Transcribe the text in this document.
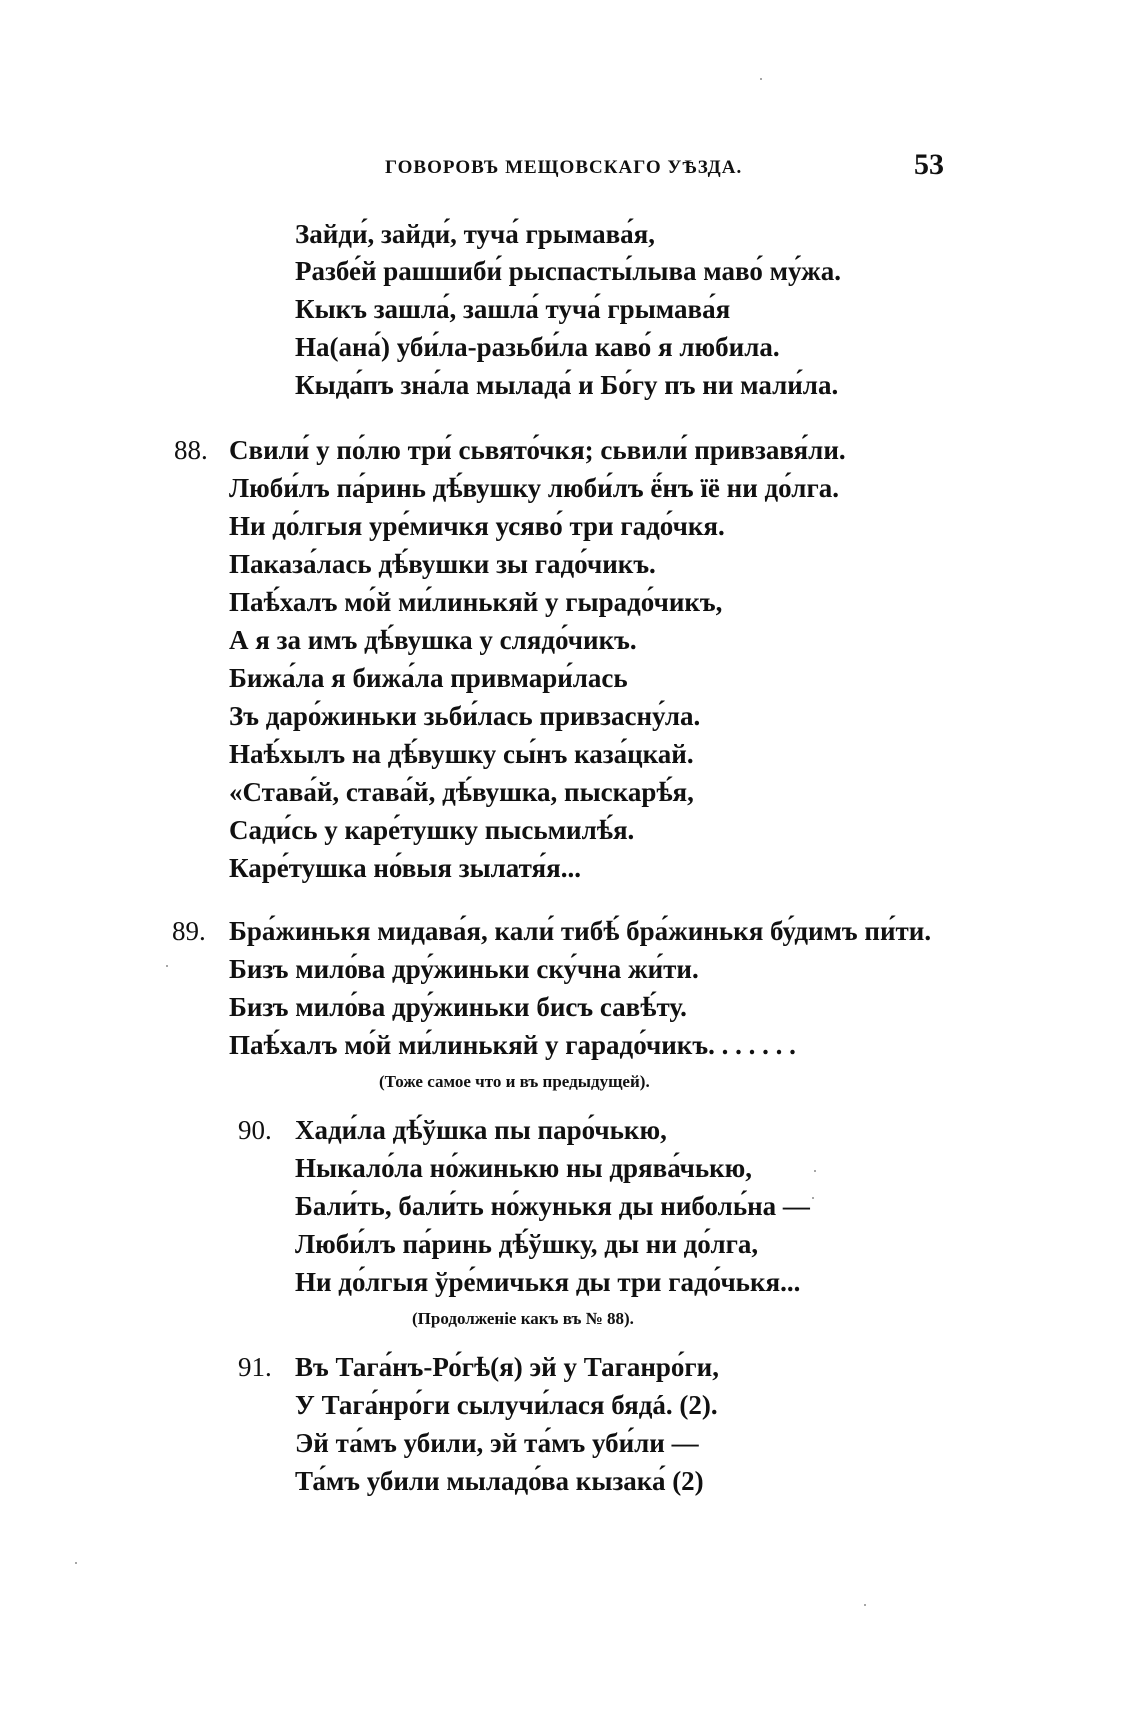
ГОВОРОВЪ МЕЩОВСКАГО УѢЗДА.	53
Зайди́, зайди́, туча́ грымава́я,
Разбе́й рашшиби́ рыспасты́лыва маво́ му́жа.
Кыкъ зашла́, зашла́ туча́ грымава́я
На(ана́) уби́ла-разьби́ла каво́ я любила.
Кыда́пъ зна́ла мылада́ и Бо́гу пъ ни мали́ла.
88. Свили́ у по́лю три́ сьвято́чкя; сьвили́ привзавя́ли.
Люби́лъ па́ринь дѣ́вушку люби́лъ ё́нъ ïё ни до́лга.
Ни до́лгыя уре́мичкя усяво́ три гадо́чкя.
Паказа́лась дѣ́вушки зы гадо́чикъ.
Паѣ́халъ мо́й ми́линькяй у гырадо́чикъ,
А я за имъ дѣ́вушка у слядо́чикъ.
Бижа́ла я бижа́ла привмари́лась
Зъ даро́жиньки зьби́лась привзасну́ла.
Наѣ́хылъ на дѣ́вушку сы́нъ каза́цкай.
«Става́й, става́й, дѣ́вушка, пыскарѣ́я,
Сади́сь у каре́тушку пысьмилѣ́я.
Каре́тушка но́выя зылатя́я...
89. Бра́жинькя мидава́я, кали́ тибѣ́ бра́жинькя бу́димъ пи́ти.
Бизъ мило́ва дру́жиньки ску́чна жи́ти.
Бизъ мило́ва дру́жиньки бисъ савѣ́ту.
Паѣ́халъ мо́й ми́линькяй у гарадо́чикъ. . . . . . .
(Тоже самое что и въ предыдущей).
90. Хади́ла дѣ́ўшка пы паро́чькю,
Ныкало́ла но́жинькю ны дрява́чькю,
Бали́ть, бали́ть но́жунькя ды ниболь́на —
Люби́лъ па́ринь дѣ́ўшку, ды ни до́лга,
Ни до́лгыя ўре́мичькя ды три гадо́чькя...
(Продолженіе какъ въ № 88).
91. Въ Тага́нъ-Ро́гѣ(я) эй у Таганро́ги,
У Тага́нро́ги сылучи́лася бядá. (2).
Эй та́мъ убили, эй та́мъ уби́ли —
Та́мъ убили мыладо́ва кызака́ (2)
